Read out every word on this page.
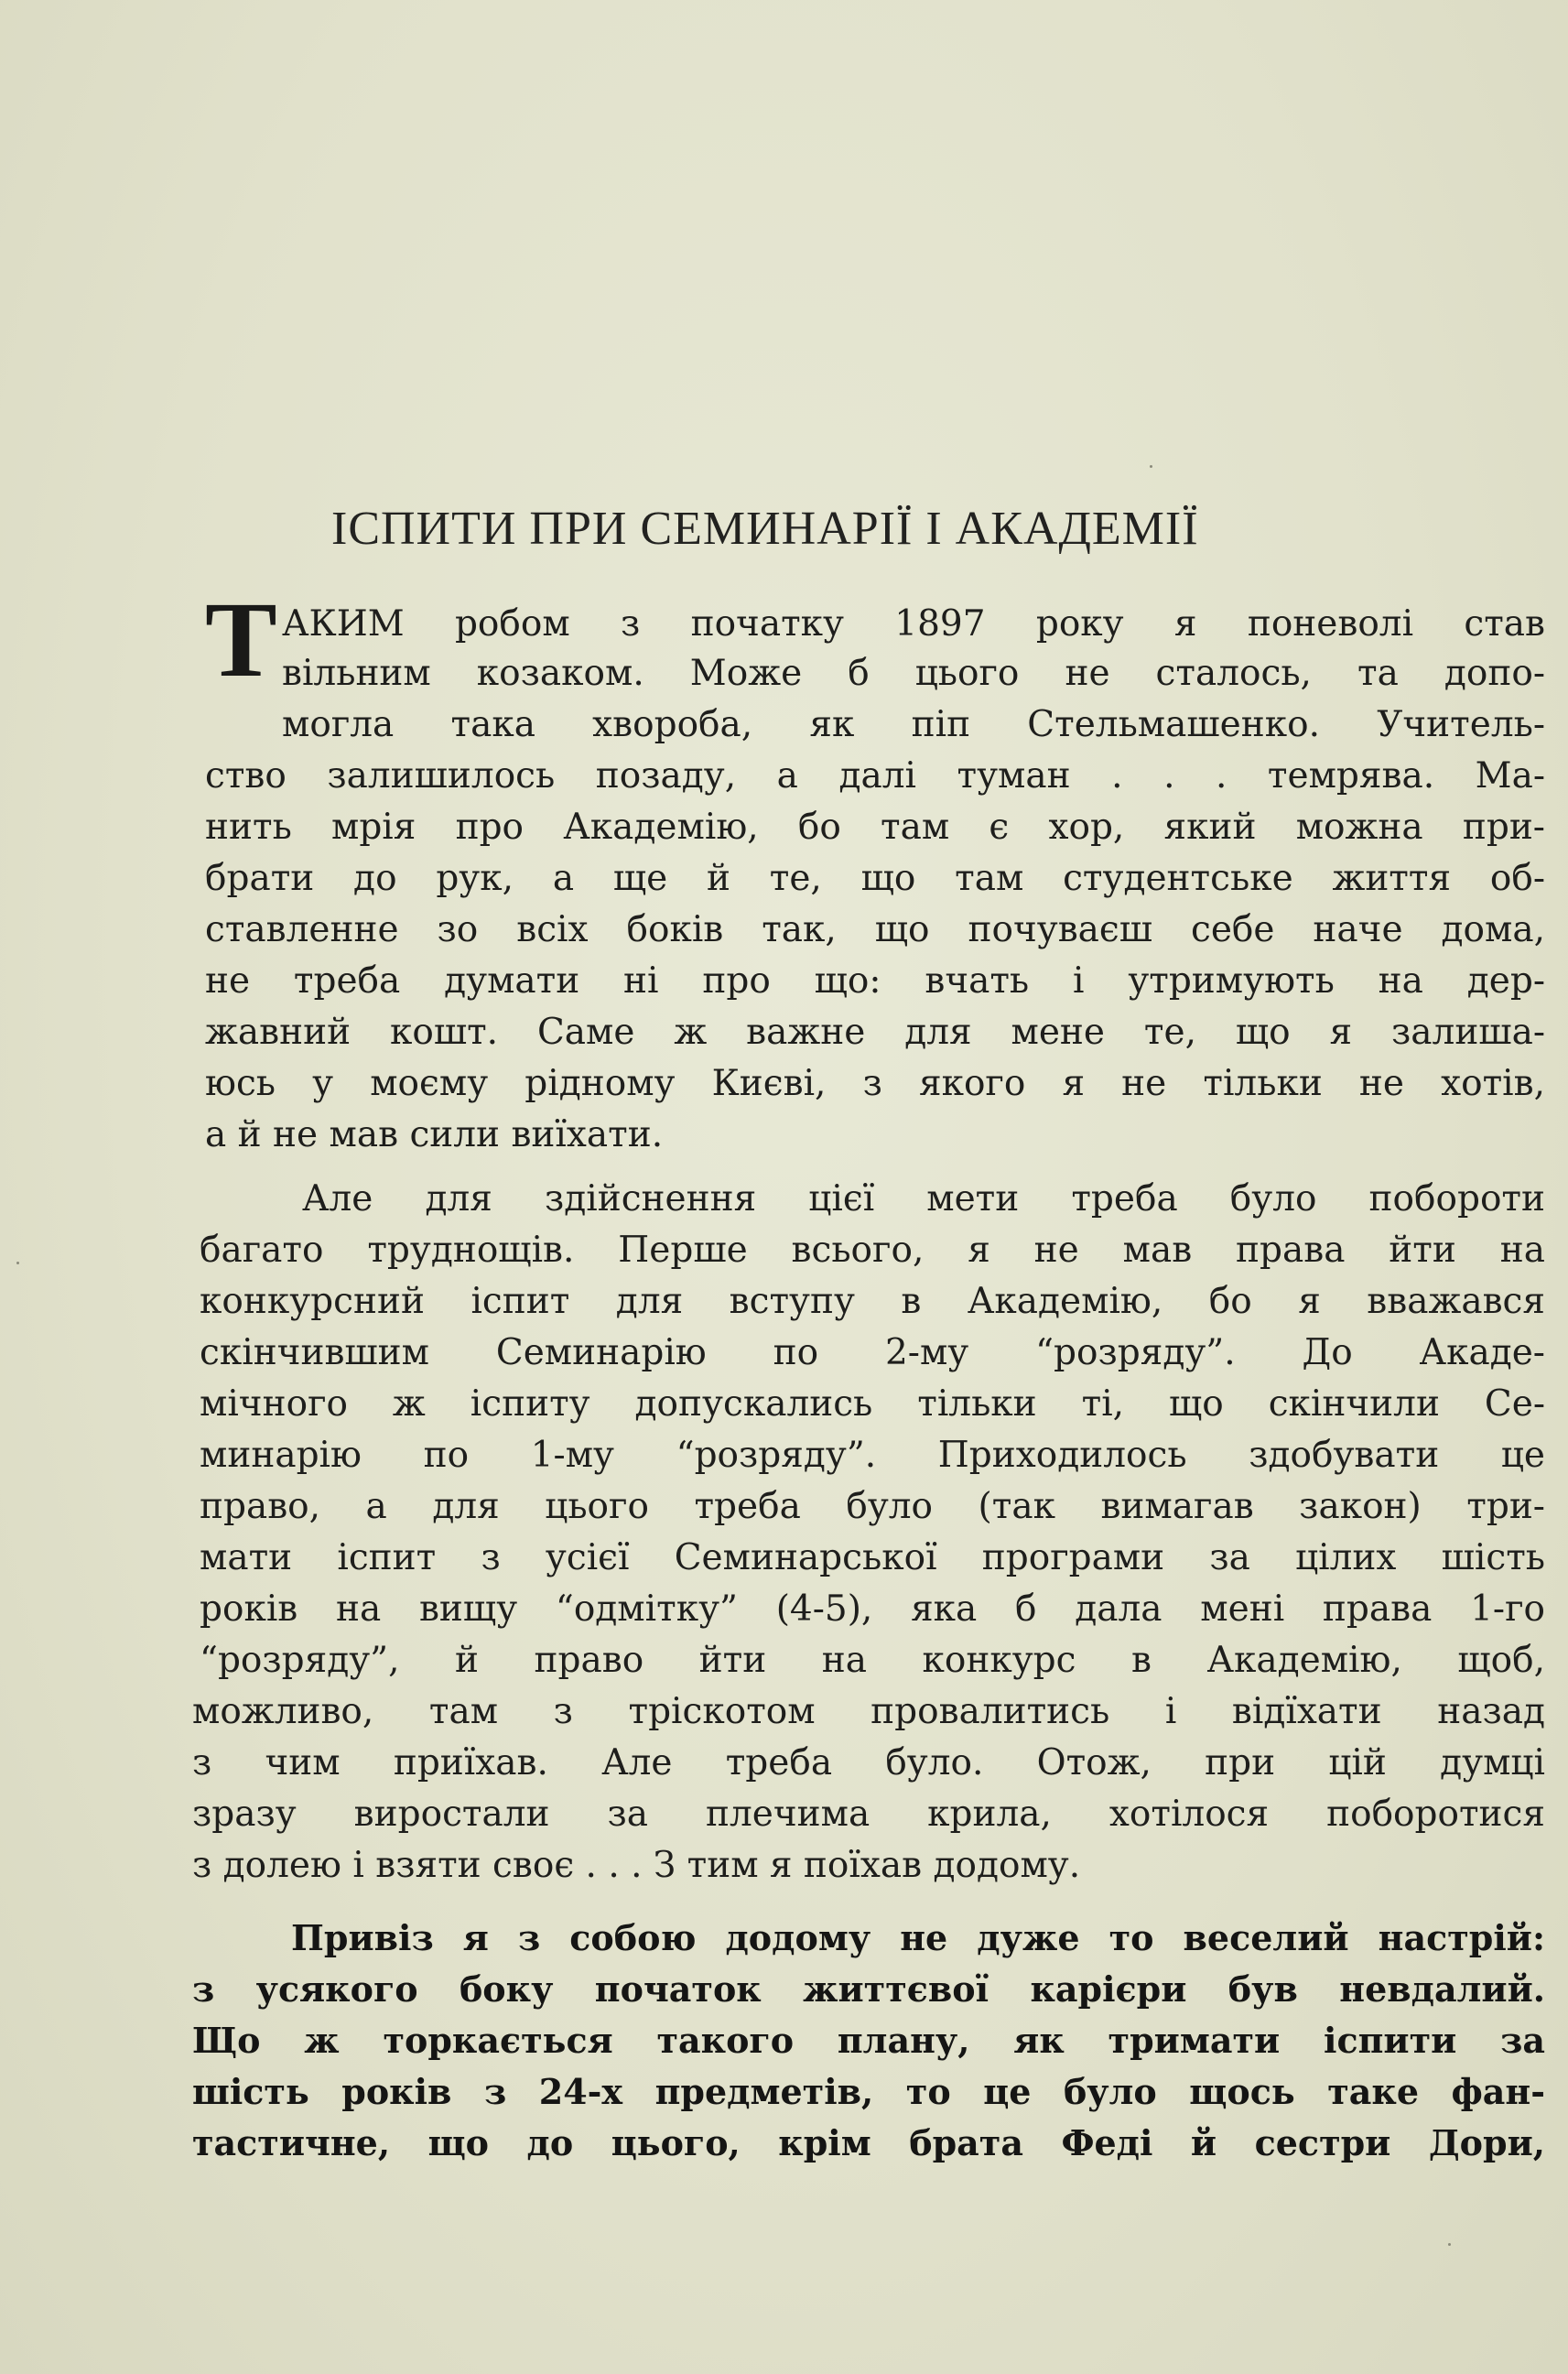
ІСПИТИ ПРИ СЕМИНАРІЇ І АКАДЕМІЇ
Т АКИМ робом з початку 1897 року я поневолі став
вільним козаком. Може б цього не сталось, та допо-
могла така хвороба, як піп Стельмашенко. Учитель-
ство залишилось позаду, а далі туман . . . темрява. Ма-
нить мрія про Академію, бо там є хор, який можна при-
брати до рук, а ще й те, що там студентське життя об-
ставленне зо всіх боків так, що почуваєш себе наче дома,
не треба думати ні про що: вчать і утримують на дер-
жавний кошт. Саме ж важне для мене те, що я залиша-
юсь у моєму рідному Києві, з якого я не тільки не хотів,
а й не мав сили виїхати.
Але для здійснення цієї мети треба було побороти
багато труднощів. Перше всього, я не мав права йти на
конкурсний іспит для вступу в Академію, бо я вважався
скінчившим Семинарію по 2-му “розряду”. До Акаде-
мічного ж іспиту допускались тільки ті, що скінчили Се-
минарію по 1-му “розряду”. Приходилось здобувати це
право, а для цього треба було (так вимагав закон) три-
мати іспит з усієї Семинарської програми за цілих шість
років на вищу “одмітку” (4-5), яка б дала мені права 1-го
“розряду”, й право йти на конкурс в Академію, щоб,
можливо, там з тріскотом провалитись і відїхати назад
з чим приїхав. Але треба було. Отож, при цій думці
зразу виростали за плечима крила, хотілося поборотися
з долею і взяти своє . . . З тим я поїхав додому.
Привіз я з собою додому не дуже то веселий настрій:
з усякого боку початок життєвої карієри був невдалий.
Що ж торкається такого плану, як тримати іспити за
шість років з 24-х предметів, то це було щось таке фан-
тастичне, що до цього, крім брата Феді й сестри Дори,
